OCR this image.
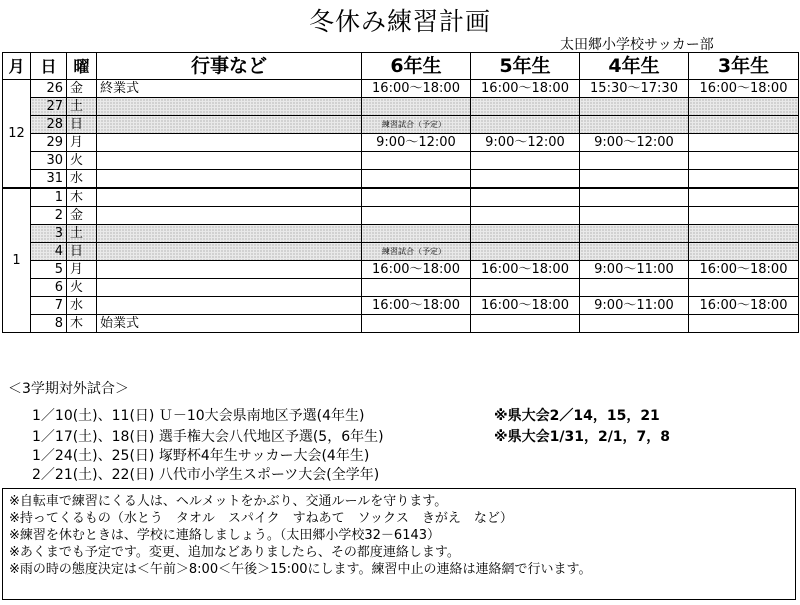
冬休み練習計画
太田郷小学校サッカー部
月	日	曜	行事など	6年生	5年生	4年生	3年生
12	26	金	終業式	16:00～18:00	16:00～18:00	15:30～17:30	16:00～18:00
	27	土					
	28	日		練習試合（予定）			
	29	月		9:00～12:00	9:00～12:00	9:00～12:00	
	30	火					
	31	水					
1	1	木					
	2	金					
	3	土					
	4	日		練習試合（予定）			
	5	月		16:00～18:00	16:00～18:00	9:00～11:00	16:00～18:00
	6	火					
	7	水		16:00～18:00	16:00～18:00	9:00～11:00	16:00～18:00
	8	木	始業式				
＜3学期対外試合＞
1／10(土)、11(日) Ｕ－10大会県南地区予選(4年生)
1／17(土)、18(日) 選手権大会八代地区予選(5，6年生)
1／24(土)、25(日) 塚野杯4年生サッカー大会(4年生)
2／21(土)、22(日) 八代市小学生スポーツ大会(全学年)
※県大会2／14，15，21
※県大会1/31，2/1，7，8
※自転車で練習にくる人は、ヘルメットをかぶり、交通ルールを守ります。
※持ってくるもの（水とう　タオル　スパイク　すねあて　ソックス　きがえ　など）
※練習を休むときは、学校に連絡しましょう。（太田郷小学校32－6143）
※あくまでも予定です。変更、追加などありましたら、その都度連絡します。
※雨の時の態度決定は＜午前＞8:00＜午後＞15:00にします。練習中止の連絡は連絡網で行います。
